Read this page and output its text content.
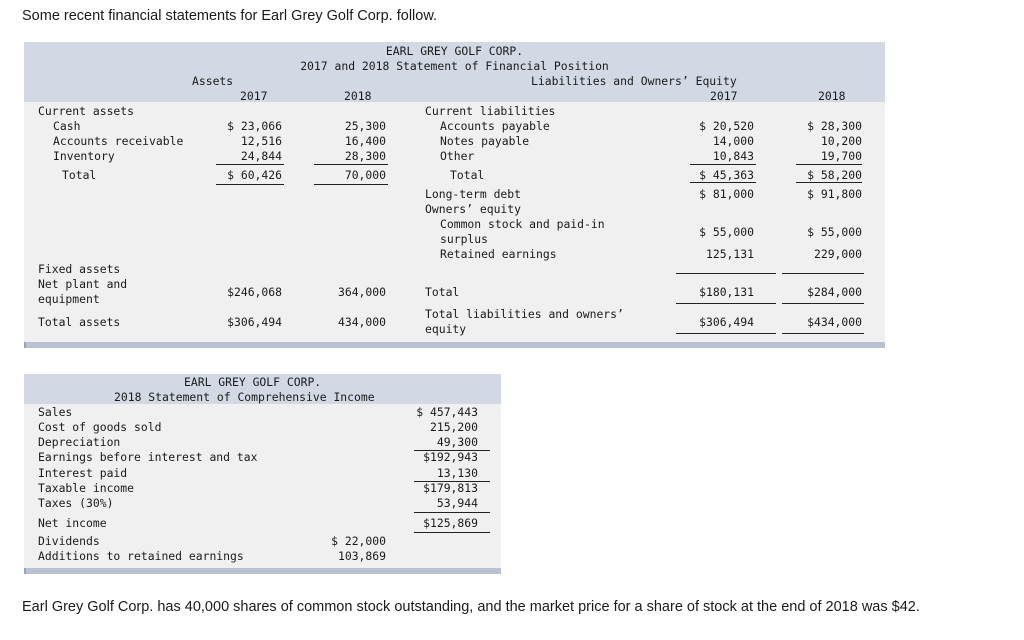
Some recent financial statements for Earl Grey Golf Corp. follow.
EARL GREY GOLF CORP.
2017 and 2018 Statement of Financial Position
Assets	Liabilities and Owners’ Equity
2017	2018	2017	2018
Current assets
Cash	$ 23,066	25,300
Accounts receivable	12,516	16,400
Inventory	24,844	28,300
Total	$ 60,426	70,000
Fixed assets
Net plant and
equipment	$246,068	364,000
Total assets	$306,494	434,000
Current liabilities
Accounts payable	$ 20,520	$ 28,300
Notes payable	14,000	10,200
Other	10,843	19,700
Total	$ 45,363	$ 58,200
Long-term debt	$ 81,000	$ 91,800
Owners’ equity
Common stock and paid-in
surplus	$ 55,000	$ 55,000
Retained earnings	125,131	229,000
Total	$180,131	$284,000
Total liabilities and owners’
equity	$306,494	$434,000
EARL GREY GOLF CORP.
2018 Statement of Comprehensive Income
Sales	$ 457,443
Cost of goods sold	215,200
Depreciation	49,300
Earnings before interest and tax	$192,943
Interest paid	13,130
Taxable income	$179,813
Taxes (30%)	53,944
Net income	$125,869
Dividends	$ 22,000
Additions to retained earnings	103,869
Earl Grey Golf Corp. has 40,000 shares of common stock outstanding, and the market price for a share of stock at the end of 2018 was $42.
